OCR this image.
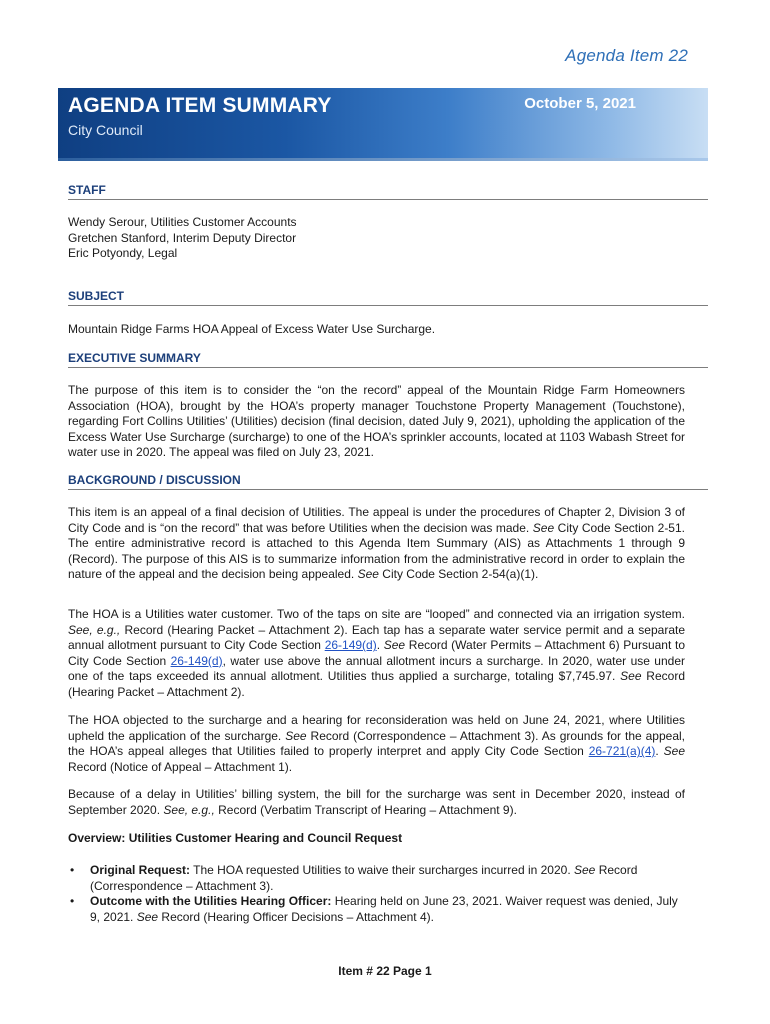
Agenda Item 22
AGENDA ITEM SUMMARY
City Council
October 5, 2021
STAFF
Wendy Serour, Utilities Customer Accounts
Gretchen Stanford, Interim Deputy Director
Eric Potyondy, Legal
SUBJECT
Mountain Ridge Farms HOA Appeal of Excess Water Use Surcharge.
EXECUTIVE SUMMARY
The purpose of this item is to consider the “on the record” appeal of the Mountain Ridge Farm Homeowners Association (HOA), brought by the HOA’s property manager Touchstone Property Management (Touchstone), regarding Fort Collins Utilities’ (Utilities) decision (final decision, dated July 9, 2021), upholding the application of the Excess Water Use Surcharge (surcharge) to one of the HOA’s sprinkler accounts, located at 1103 Wabash Street for water use in 2020. The appeal was filed on July 23, 2021.
BACKGROUND / DISCUSSION
This item is an appeal of a final decision of Utilities. The appeal is under the procedures of Chapter 2, Division 3 of City Code and is “on the record” that was before Utilities when the decision was made. See City Code Section 2-51. The entire administrative record is attached to this Agenda Item Summary (AIS) as Attachments 1 through 9 (Record). The purpose of this AIS is to summarize information from the administrative record in order to explain the nature of the appeal and the decision being appealed. See City Code Section 2-54(a)(1).
The HOA is a Utilities water customer. Two of the taps on site are “looped” and connected via an irrigation system. See, e.g., Record (Hearing Packet – Attachment 2). Each tap has a separate water service permit and a separate annual allotment pursuant to City Code Section 26-149(d). See Record (Water Permits – Attachment 6) Pursuant to City Code Section 26-149(d), water use above the annual allotment incurs a surcharge. In 2020, water use under one of the taps exceeded its annual allotment. Utilities thus applied a surcharge, totaling $7,745.97. See Record (Hearing Packet – Attachment 2).
The HOA objected to the surcharge and a hearing for reconsideration was held on June 24, 2021, where Utilities upheld the application of the surcharge. See Record (Correspondence – Attachment 3). As grounds for the appeal, the HOA’s appeal alleges that Utilities failed to properly interpret and apply City Code Section 26-721(a)(4). See Record (Notice of Appeal – Attachment 1).
Because of a delay in Utilities’ billing system, the bill for the surcharge was sent in December 2020, instead of September 2020. See, e.g., Record (Verbatim Transcript of Hearing – Attachment 9).
Overview: Utilities Customer Hearing and Council Request
• Original Request: The HOA requested Utilities to waive their surcharges incurred in 2020. See Record (Correspondence – Attachment 3).
• Outcome with the Utilities Hearing Officer: Hearing held on June 23, 2021. Waiver request was denied, July 9, 2021. See Record (Hearing Officer Decisions – Attachment 4).
Item # 22 Page 1
